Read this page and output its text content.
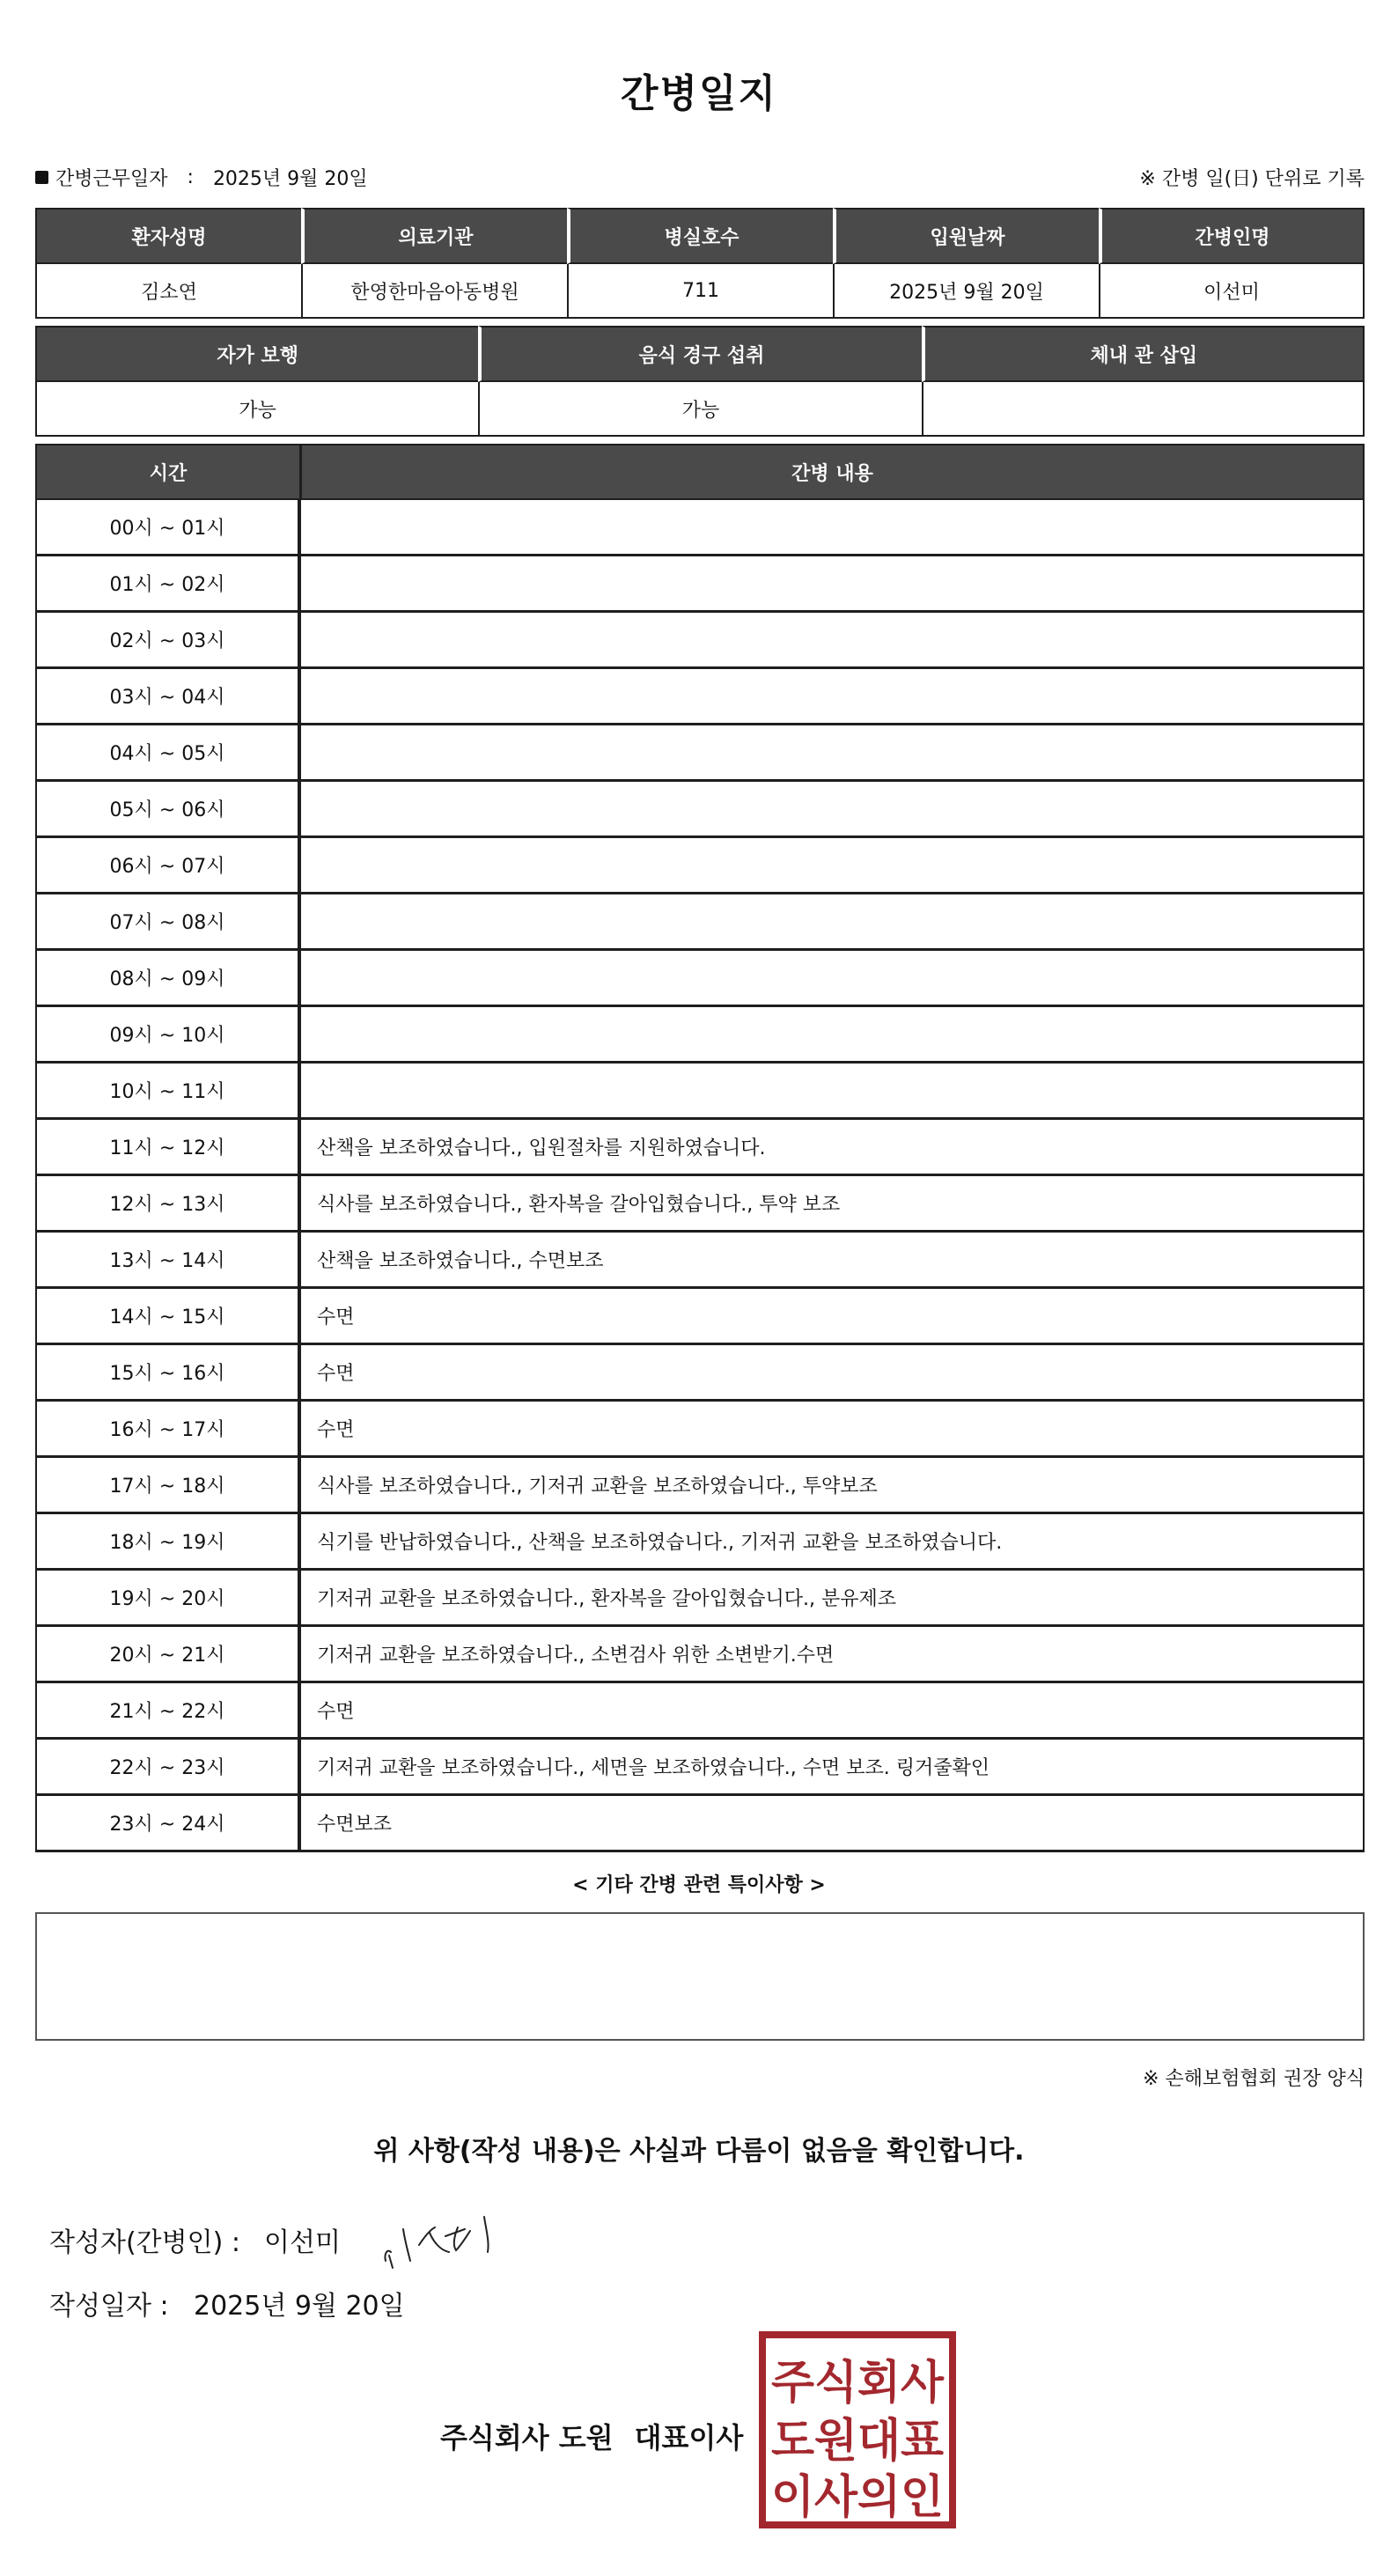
간병일지
간병근무일자 : 2025년 9월 20일	※ 간병 일(日) 단위로 기록
환자성명	의료기관	병실호수	입원날짜	간병인명
김소연	한영한마음아동병원	711	2025년 9월 20일	이선미
자가 보행	음식 경구 섭취	체내 관 삽입
가능	가능	
시간	간병 내용
00시 ~ 01시	
01시 ~ 02시	
02시 ~ 03시	
03시 ~ 04시	
04시 ~ 05시	
05시 ~ 06시	
06시 ~ 07시	
07시 ~ 08시	
08시 ~ 09시	
09시 ~ 10시	
10시 ~ 11시	
11시 ~ 12시	산책을 보조하였습니다., 입원절차를 지원하였습니다.
12시 ~ 13시	식사를 보조하였습니다., 환자복을 갈아입혔습니다., 투약 보조
13시 ~ 14시	산책을 보조하였습니다., 수면보조
14시 ~ 15시	수면
15시 ~ 16시	수면
16시 ~ 17시	수면
17시 ~ 18시	식사를 보조하였습니다., 기저귀 교환을 보조하였습니다., 투약보조
18시 ~ 19시	식기를 반납하였습니다., 산책을 보조하였습니다., 기저귀 교환을 보조하였습니다.
19시 ~ 20시	기저귀 교환을 보조하였습니다., 환자복을 갈아입혔습니다., 분유제조
20시 ~ 21시	기저귀 교환을 보조하였습니다., 소변검사 위한 소변받기.수면
21시 ~ 22시	수면
22시 ~ 23시	기저귀 교환을 보조하였습니다., 세면을 보조하였습니다., 수면 보조. 링거줄확인
23시 ~ 24시	수면보조
< 기타 간병 관련 특이사항 >
※ 손해보험협회 권장 양식
위 사항(작성 내용)은 사실과 다름이 없음을 확인합니다.
작성자(간병인) : 이선미
작성일자 : 2025년 9월 20일
주식회사 도원 대표이사
주식회사
도원대표
이사의인
